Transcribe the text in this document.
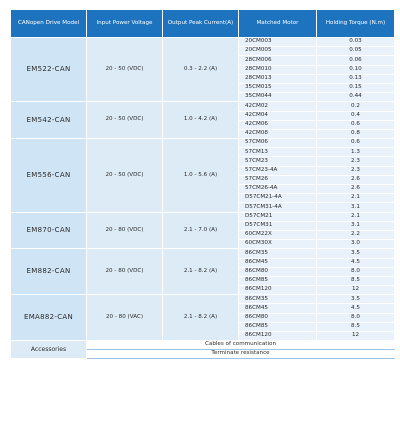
CANopen Drive Model	Input Power Voltage	Output Peak Current(A)	Matched Motor	Holding Torque (N.m)
EM522-CAN	20 - 50 (VDC)	0.3 - 2.2 (A)	20CM003	0.03
			20CM005	0.05
			28CM006	0.06
			28CM010	0.10
			28CM013	0.13
			35CM015	0.15
			35CM044	0.44
EM542-CAN	20 - 50 (VDC)	1.0 - 4.2 (A)	42CM02	0.2
			42CM04	0.4
			42CM06	0.6
			42CM08	0.8
EM556-CAN	20 - 50 (VDC)	1.0 - 5.6 (A)	57CM06	0.6
			57CM13	1.3
			57CM23	2.3
			57CM23-4A	2.3
			57CM26	2.6
			57CM26-4A	2.6
			D57CM21-4A	2.1
			D57CM31-4A	3.1
EM870-CAN	20 - 80 (VDC)	2.1 - 7.0 (A)	D57CM21	2.1
			D57CM31	3.1
			60CM22X	2.2
			60CM30X	3.0
EM882-CAN	20 - 80 (VDC)	2.1 - 8.2 (A)	86CM35	3.5
			86CM45	4.5
			86CM80	8.0
			86CM85	8.5
			86CM120	12
EMA882-CAN	20 - 80 (VAC)	2.1 - 8.2 (A)	86CM35	3.5
			86CM45	4.5
			86CM80	8.0
			86CM85	8.5
			86CM120	12
Accessories	Cables of communication			
	Terminate resistance			
